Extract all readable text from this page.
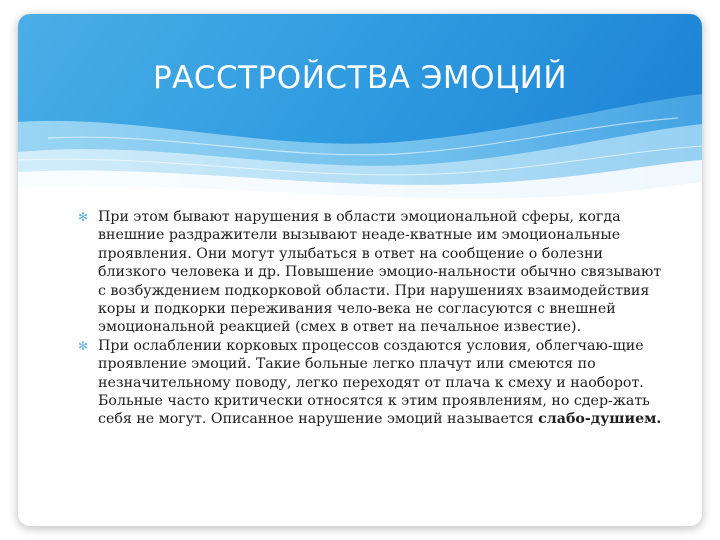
РАССТРОЙСТВА ЭМОЦИЙ

✻ При этом бывают нарушения в области эмоциональной сферы, когда внешние раздражители вызывают неаде-кватные им эмоциональные проявления. Они могут улыбаться в ответ на сообщение о болезни близкого человека и др. Повышение эмоцио-нальности обычно связывают с возбуждением подкорковой области. При нарушениях взаимодействия коры и подкорки переживания чело-века не согласуются с внешней эмоциональной реакцией (смех в ответ на печальное известие).

✻ При ослаблении корковых процессов создаются условия, облегчаю-щие проявление эмоций. Такие больные легко плачут или смеются по незначительному поводу, легко переходят от плача к смеху и наоборот. Больные часто критически относятся к этим проявлениям, но сдер-жать себя не могут. Описанное нарушение эмоций называется слабо-душием.
